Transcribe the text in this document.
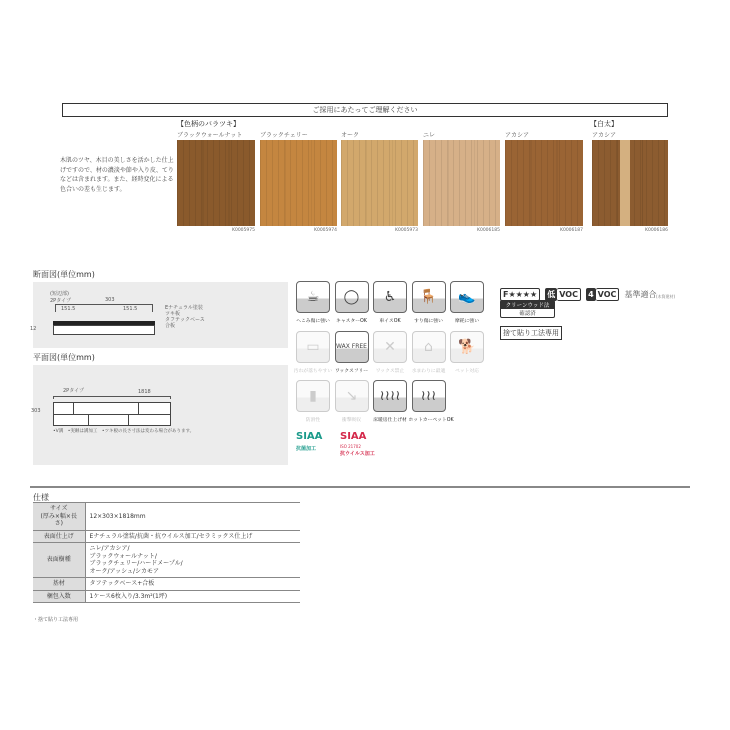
ご採用にあたってご理解ください
【色柄のバラツキ】	【白太】
木肌のツヤ、木目の美しさを活かした仕上げですので、材の濃淡や節や入り皮、てりなどは含まれます。また、経時変化による色合いの差も生じます。
ブラックウォールナット
K0005975
ブラックチェリー
K0005974
オーク
K0005973
ニレ
K0006185
アカシア
K0006187
アカシア
K0006186
断面図(単位mm)
(短辺部)
2Pタイプ	303
151.5	151.5
12
Eナチュラル塗装
ツキ板
タフテックベース
合板
平面図(単位mm)
2Pタイプ	1818
303
•V溝　•実継は溝加工　•ツキ板の長さ寸法は変わる場合があります。
☕
へこみ傷に強い
◯
キャスターOK
♿
車イスOK
🪑
すり傷に強い
👟
摩耗に強い
▭
汚れが落ちやすい
WAX FREE
ワックスフリー
✕
ワックス禁止
⌂
水まわりに最適
🐕
ペット対応
▮
防滑性
↘
衝撃吸収
≀≀≀≀
床暖房仕上げ材
≀≀≀
ホットカーペットOK
SIAA
抗菌加工
SIAA
ISO 21702
抗ウイルス加工
F★★★★ 低 VOC 4 VOC 基準適合 (木質建材)
クリーンウッド法
確認済
捨て貼り工法専用
仕様
サイズ
(厚み×幅×長さ)	12×303×1818mm
表面仕上げ	Eナチュラル塗装/抗菌・抗ウイルス加工/セラミックス仕上げ
表面樹種	ニレ/アカシア/
ブラックウォールナット/
ブラックチェリー/ハードメープル/
オーク/アッシュ/シカモア
基材	タフテックベース+合板
梱包入数	1ケース6枚入り/3.3m²(1坪)
・捨て貼り工法専用
